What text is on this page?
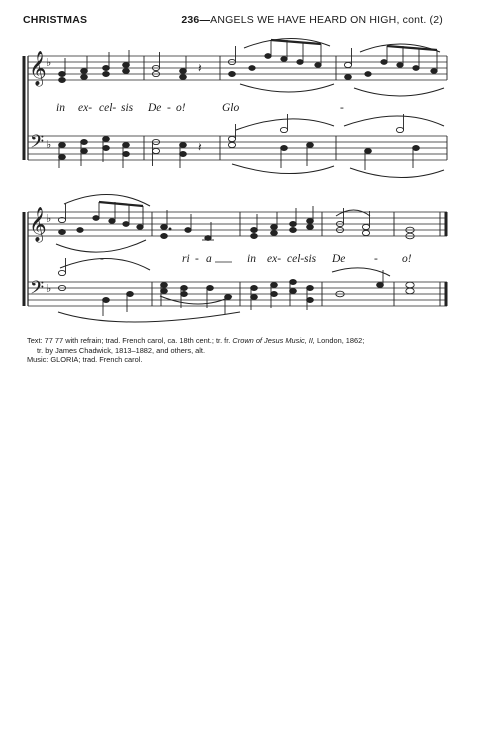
CHRISTMAS	236—ANGELS WE HAVE HEARD ON HIGH, cont. (2)
𝄞
𝄢
𝄞
𝄢
♭
♭
♭
♭
𝄽
𝄽
in ex- cel- sis De - o!	Glo	-
-	ri - a	in ex- cel- sis De - o!
Text: 77 77 with refrain; trad. French carol, ca. 18th cent.; tr. fr. Crown of Jesus Music, II, London, 1862;
tr. by James Chadwick, 1813–1882, and others, alt.
Music: GLORIA; trad. French carol.
